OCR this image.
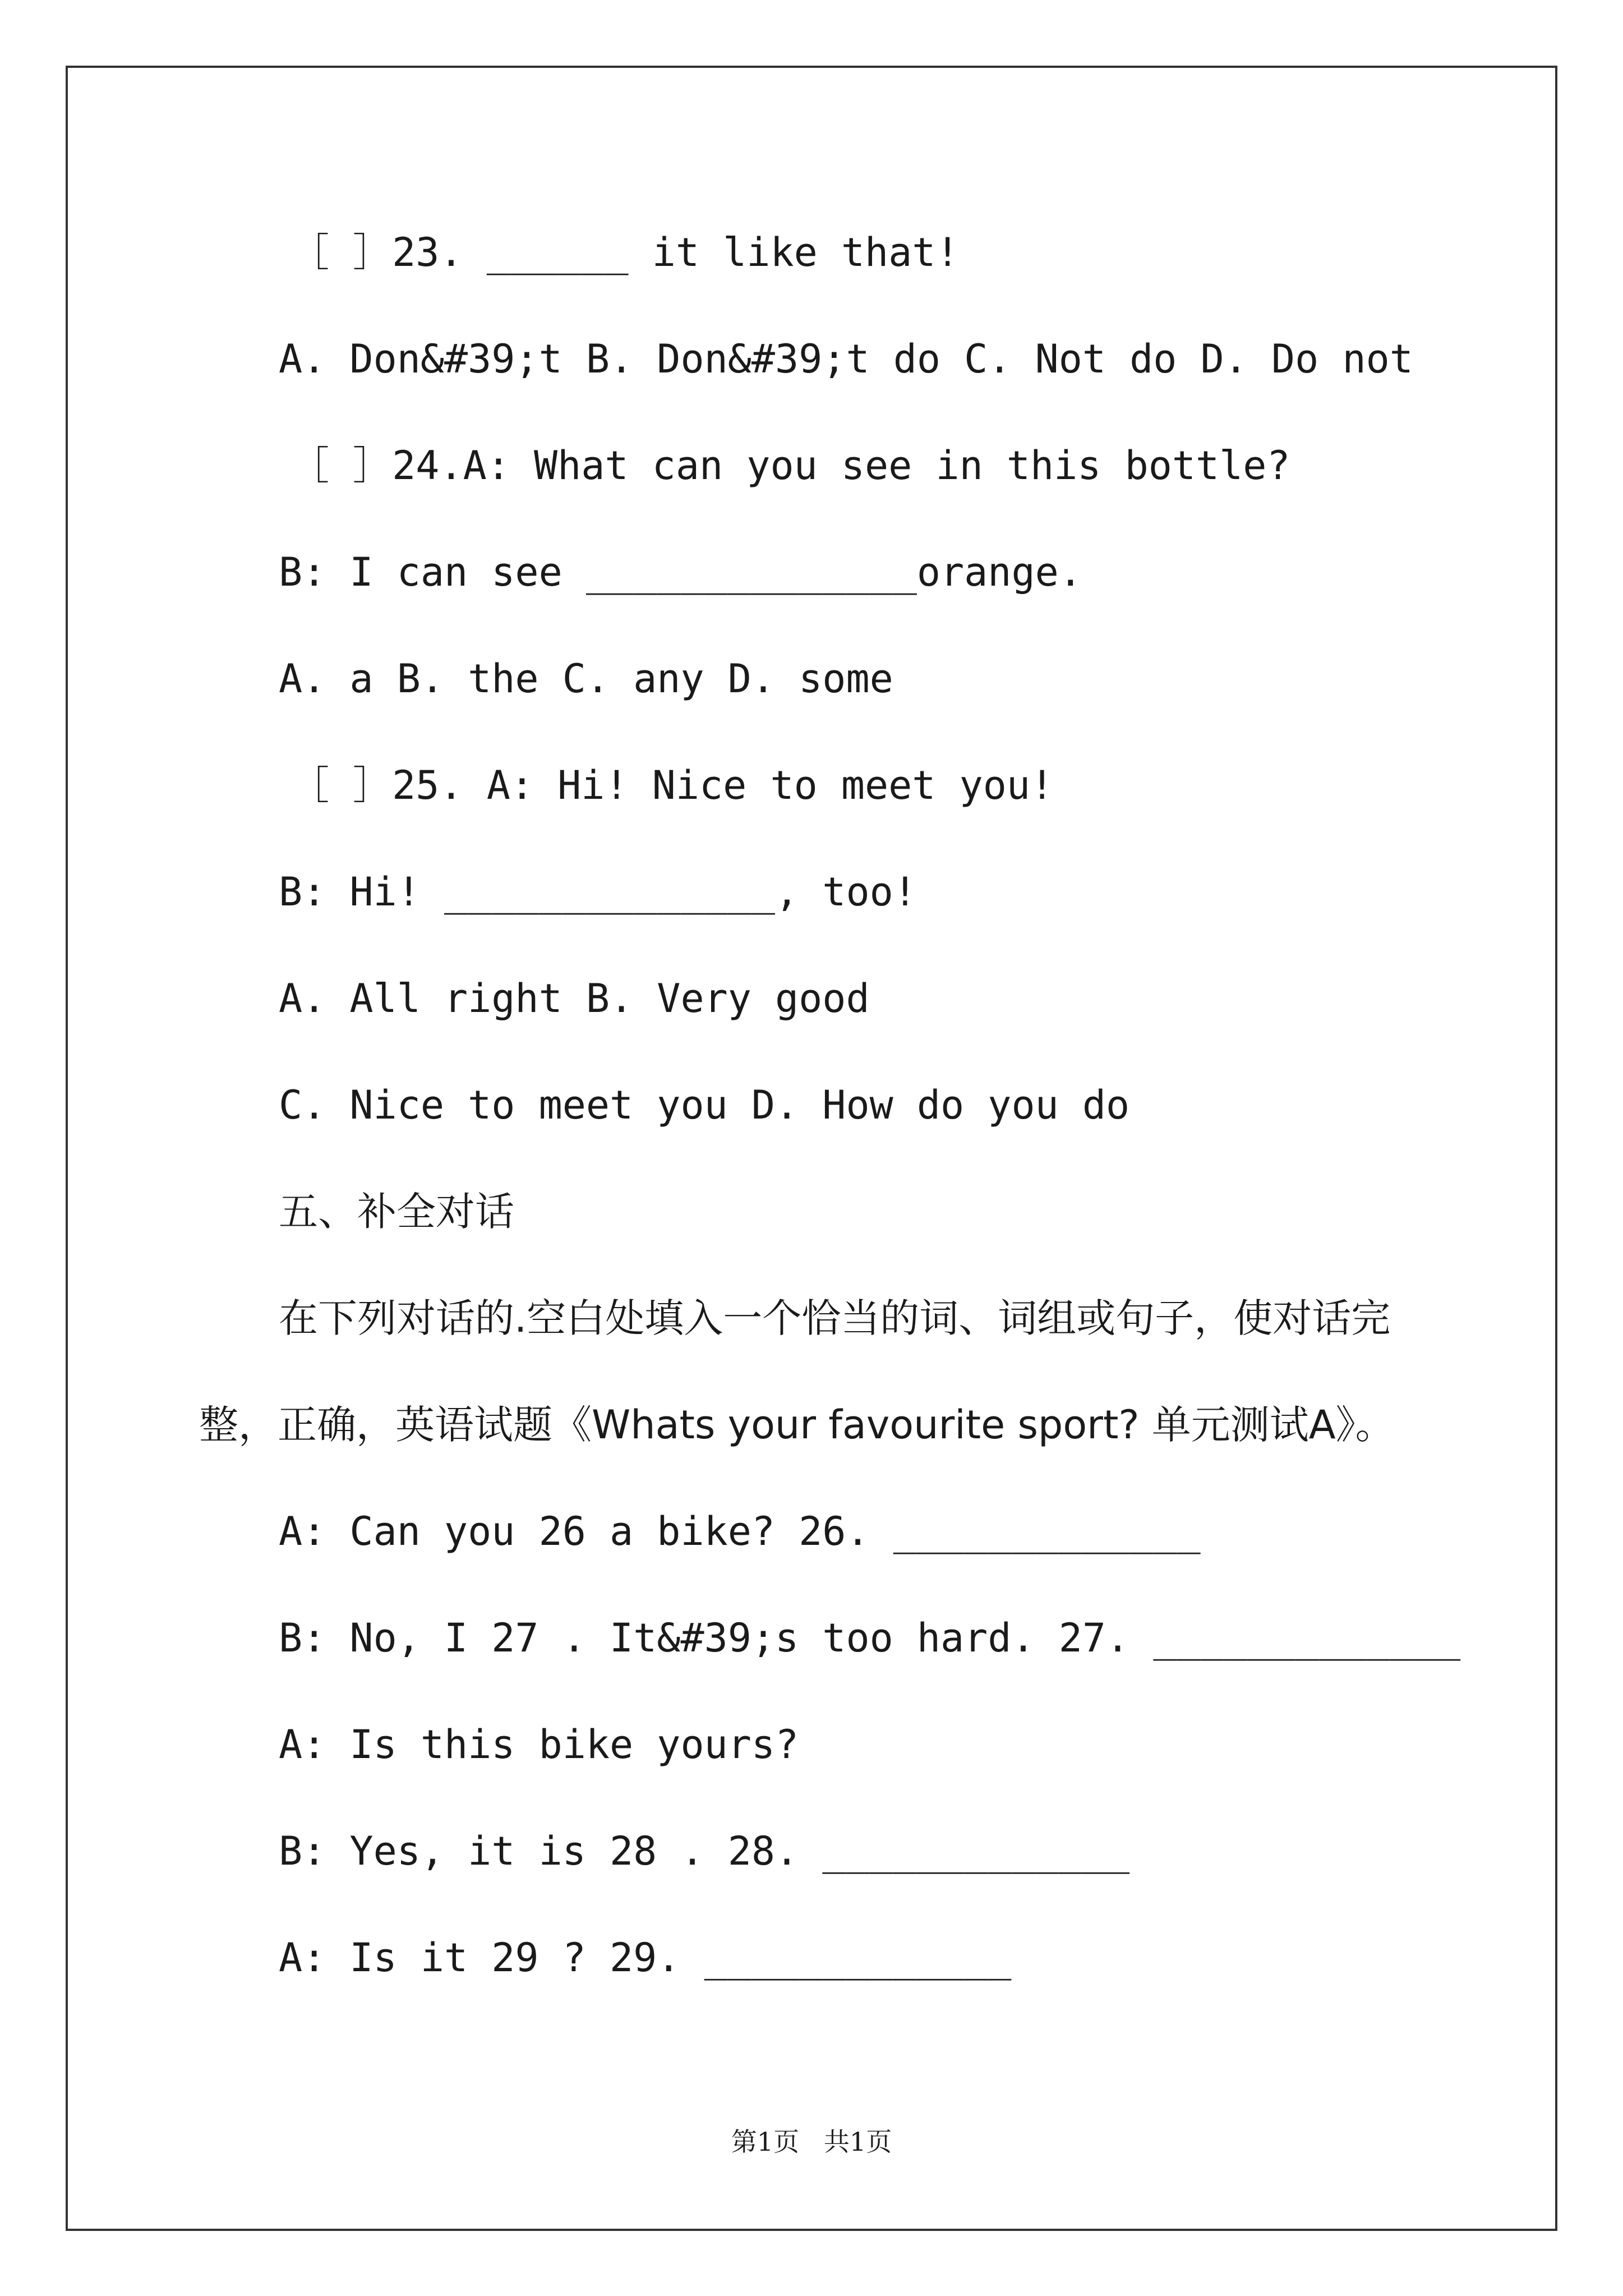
［ ］23. ______ it like that!
A. Don&#39;t B. Don&#39;t do C. Not do D. Do not
［ ］24.A: What can you see in this bottle?
B: I can see ______________orange.
A. a B. the C. any D. some
［ ］25. A: Hi! Nice to meet you!
B: Hi! ______________, too!
A. All right B. Very good
C. Nice to meet you D. How do you do
五、补全对话
在下列对话的.空白处填入一个恰当的词、词组或句子，使对话完
整，正确，英语试题《Whats your favourite sport? 单元测试A》。
A: Can you 26 a bike? 26. _____________
B: No, I 27 . It&#39;s too hard. 27. _____________
A: Is this bike yours?
B: Yes, it is 28 . 28. _____________
A: Is it 29 ? 29. _____________
第1页   共1页
